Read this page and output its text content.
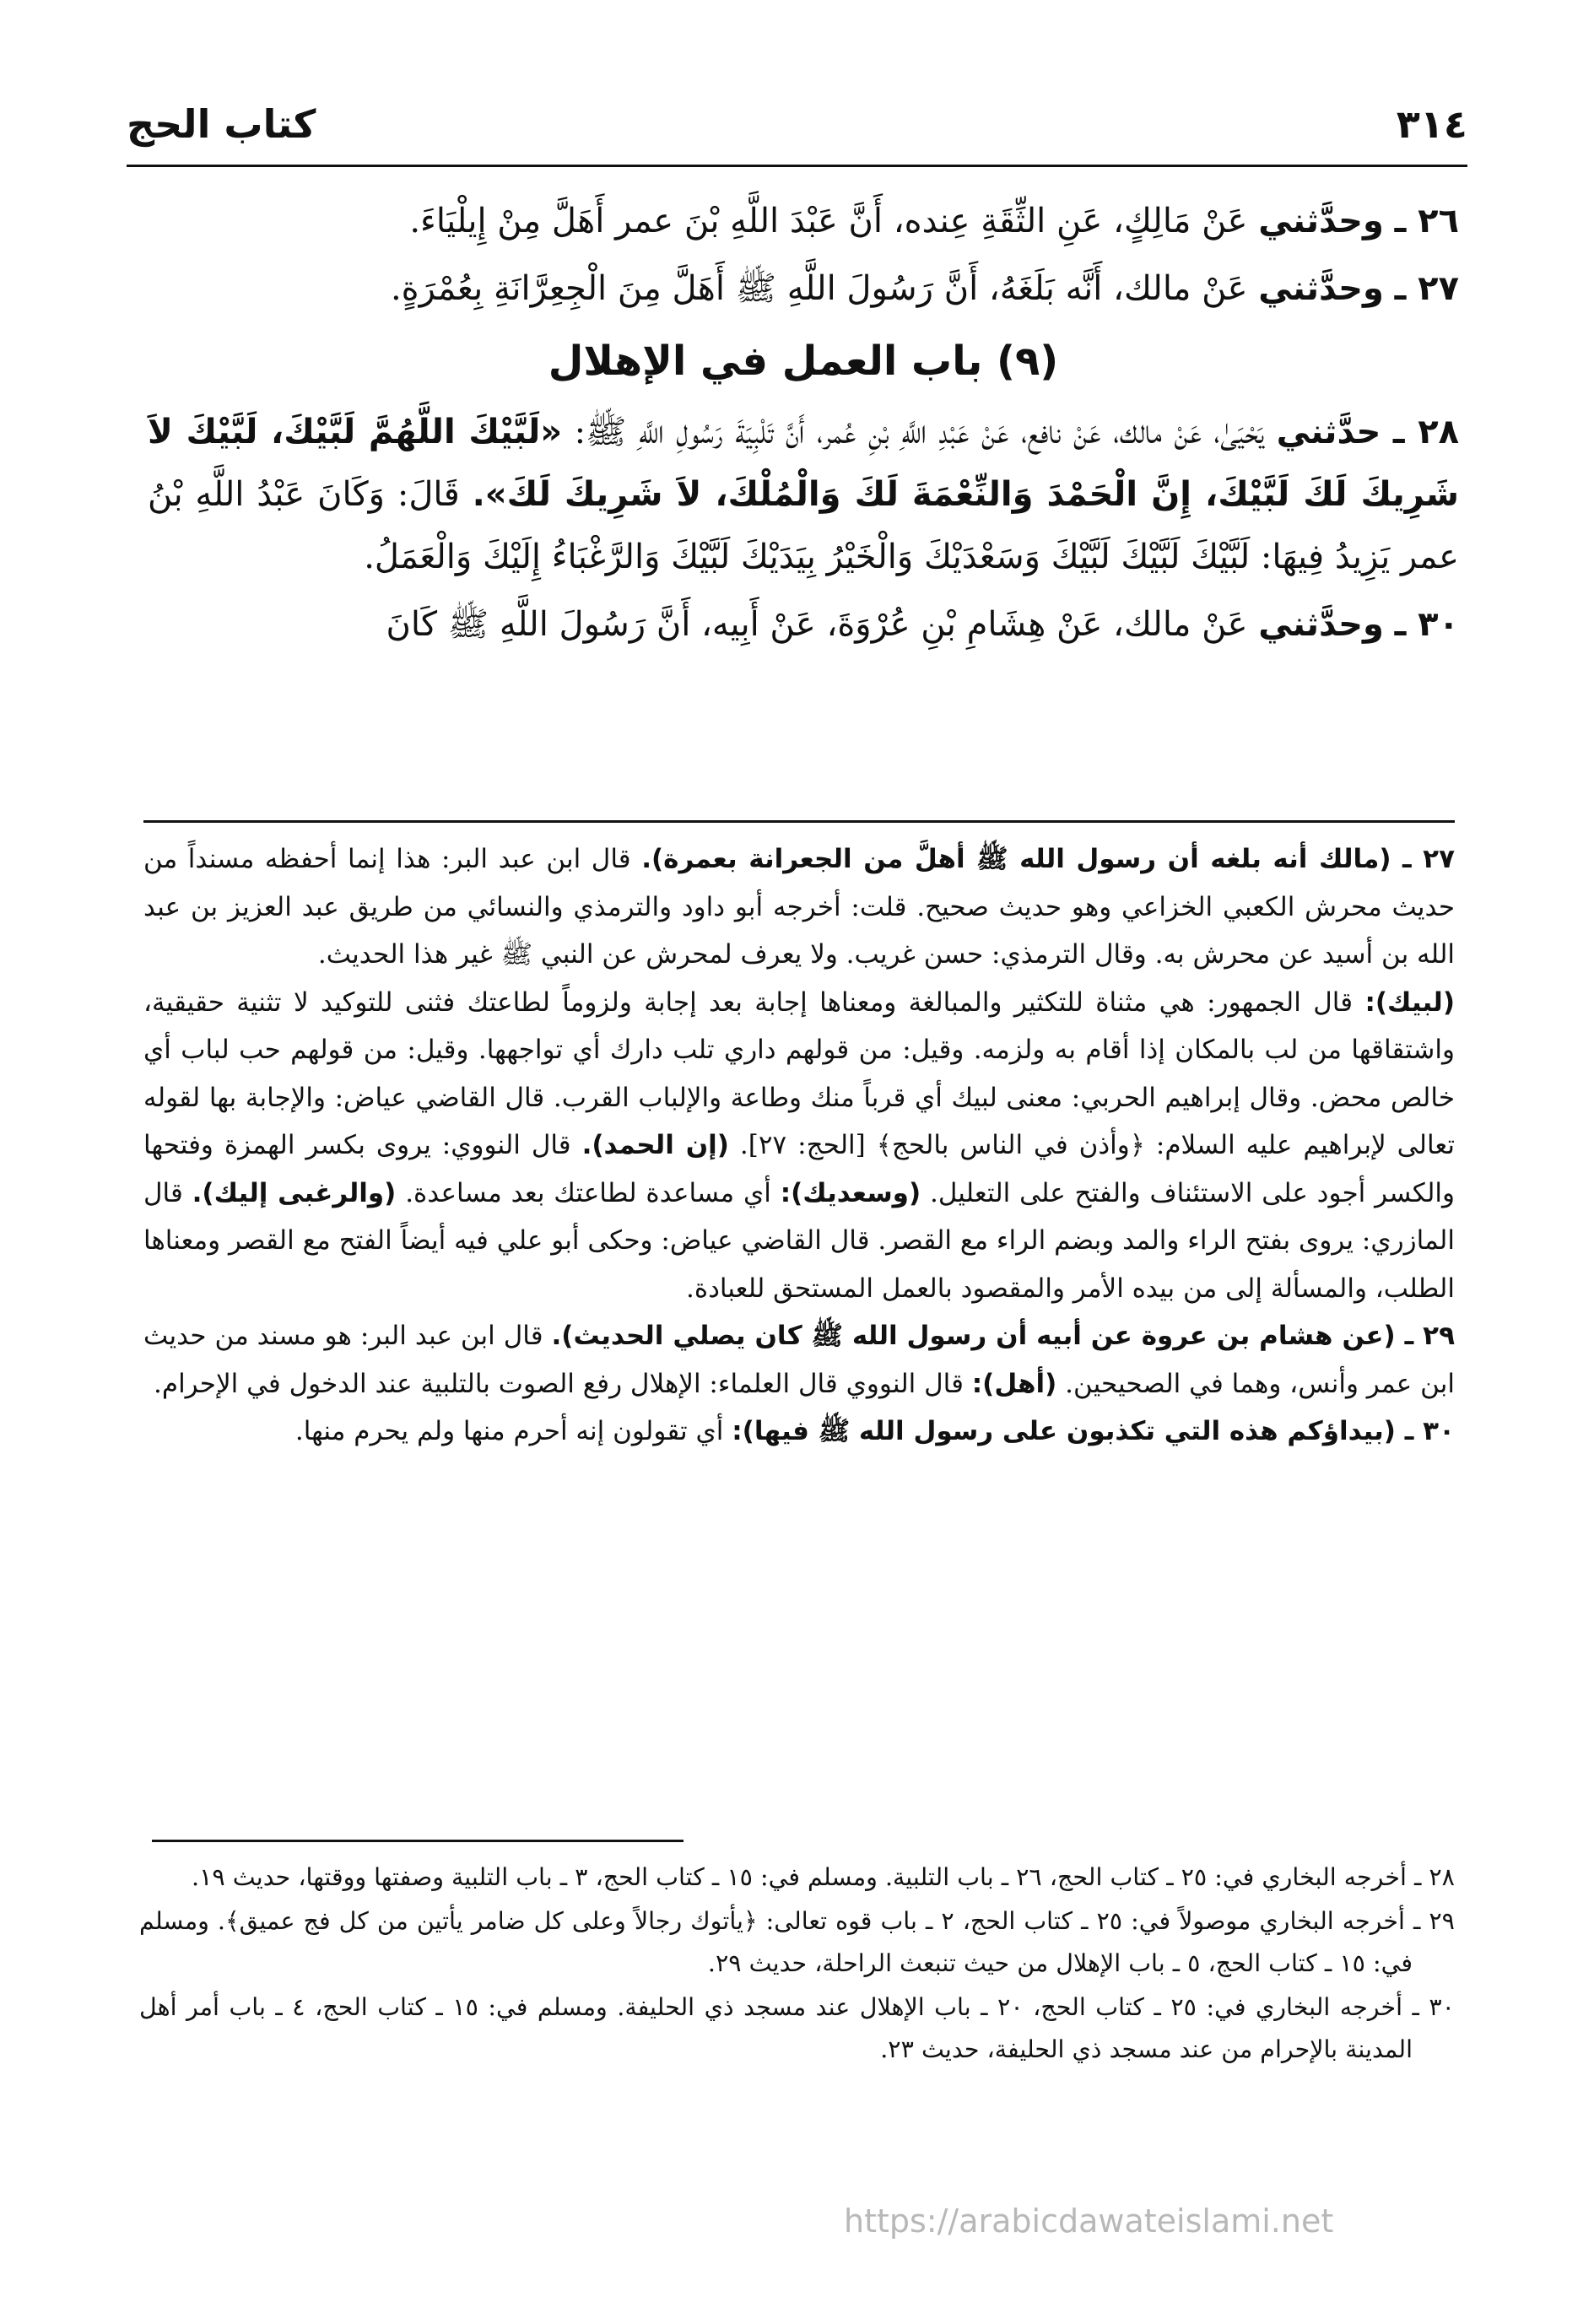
٣١٤
كتاب الحج

٢٦ ـ وحدَّثني عَنْ مَالِكٍ، عَنِ الثِّقَةِ عِنده، أَنَّ عَبْدَ اللَّهِ بْنَ عمر أَهَلَّ مِنْ إِيلْيَاءَ.

٢٧ ـ وحدَّثني عَنْ مالك، أَنَّه بَلَغَهُ، أَنَّ رَسُولَ اللَّهِ ﷺ أَهَلَّ مِنَ الْجِعِرَّانَةِ بِعُمْرَةٍ.

(٩) باب العمل في الإهلال

٢٨ ـ حدَّثني يَحْيَىٰ، عَنْ مالك، عَنْ نافع، عَنْ عَبْدِ اللَّهِ بْنِ عُمر، أَنَّ تَلْبِيَةَ رَسُولِ اللَّهِ ﷺ: «لَبَّيْكَ اللَّهُمَّ لَبَّيْكَ، لَبَّيْكَ لاَ شَرِيكَ لَكَ لَبَّيْكَ، إِنَّ الْحَمْدَ وَالنِّعْمَةَ لَكَ وَالْمُلْكَ، لاَ شَرِيكَ لَكَ». قَالَ: وَكَانَ عَبْدُ اللَّهِ بْنُ عمر يَزِيدُ فِيهَا: لَبَّيْكَ لَبَّيْكَ لَبَّيْكَ وَسَعْدَيْكَ وَالْخَيْرُ بِيَدَيْكَ لَبَّيْكَ وَالرَّغْبَاءُ إِلَيْكَ وَالْعَمَلُ.

٣٠ ـ وحدَّثني عَنْ مالك، عَنْ هِشَامِ بْنِ عُرْوَةَ، عَنْ أَبِيه، أَنَّ رَسُولَ اللَّهِ ﷺ كَانَ

٢٧ ـ (مالك أنه بلغه أن رسول الله ﷺ أهلَّ من الجعرانة بعمرة). قال ابن عبد البر: هذا إنما أحفظه مسنداً من حديث محرش الكعبي الخزاعي وهو حديث صحيح. قلت: أخرجه أبو داود والترمذي والنسائي من طريق عبد العزيز بن عبد الله بن أسيد عن محرش به. وقال الترمذي: حسن غريب. ولا يعرف لمحرش عن النبي ﷺ غير هذا الحديث.

(لبيك): قال الجمهور: هي مثناة للتكثير والمبالغة ومعناها إجابة بعد إجابة ولزوماً لطاعتك فثنى للتوكيد لا تثنية حقيقية، واشتقاقها من لب بالمكان إذا أقام به ولزمه. وقيل: من قولهم داري تلب دارك أي تواجهها. وقيل: من قولهم حب لباب أي خالص محض. وقال إبراهيم الحربي: معنى لبيك أي قرباً منك وطاعة والإلباب القرب. قال القاضي عياض: والإجابة بها لقوله تعالى لإبراهيم عليه السلام: ﴿وأذن في الناس بالحج﴾ [الحج: ٢٧]. (إن الحمد). قال النووي: يروى بكسر الهمزة وفتحها والكسر أجود على الاستئناف والفتح على التعليل. (وسعديك): أي مساعدة لطاعتك بعد مساعدة. (والرغبى إليك). قال المازري: يروى بفتح الراء والمد وبضم الراء مع القصر. قال القاضي عياض: وحكى أبو علي فيه أيضاً الفتح مع القصر ومعناها الطلب، والمسألة إلى من بيده الأمر والمقصود بالعمل المستحق للعبادة.

٢٩ ـ (عن هشام بن عروة عن أبيه أن رسول الله ﷺ كان يصلي الحديث). قال ابن عبد البر: هو مسند من حديث ابن عمر وأنس، وهما في الصحيحين. (أهل): قال النووي قال العلماء: الإهلال رفع الصوت بالتلبية عند الدخول في الإحرام.

٣٠ ـ (بيداؤكم هذه التي تكذبون على رسول الله ﷺ فيها): أي تقولون إنه أحرم منها ولم يحرم منها.

٢٨ ـ أخرجه البخاري في: ٢٥ ـ كتاب الحج، ٢٦ ـ باب التلبية. ومسلم في: ١٥ ـ كتاب الحج، ٣ ـ باب التلبية وصفتها ووقتها، حديث ١٩.

٢٩ ـ أخرجه البخاري موصولاً في: ٢٥ ـ كتاب الحج، ٢ ـ باب قوه تعالى: ﴿يأتوك رجالاً وعلى كل ضامر يأتين من كل فج عميق﴾. ومسلم في: ١٥ ـ كتاب الحج، ٥ ـ باب الإهلال من حيث تنبعث الراحلة، حديث ٢٩.

٣٠ ـ أخرجه البخاري في: ٢٥ ـ كتاب الحج، ٢٠ ـ باب الإهلال عند مسجد ذي الحليفة. ومسلم في: ١٥ ـ كتاب الحج، ٤ ـ باب أمر أهل المدينة بالإحرام من عند مسجد ذي الحليفة، حديث ٢٣.

https://arabicdawateislami.net
